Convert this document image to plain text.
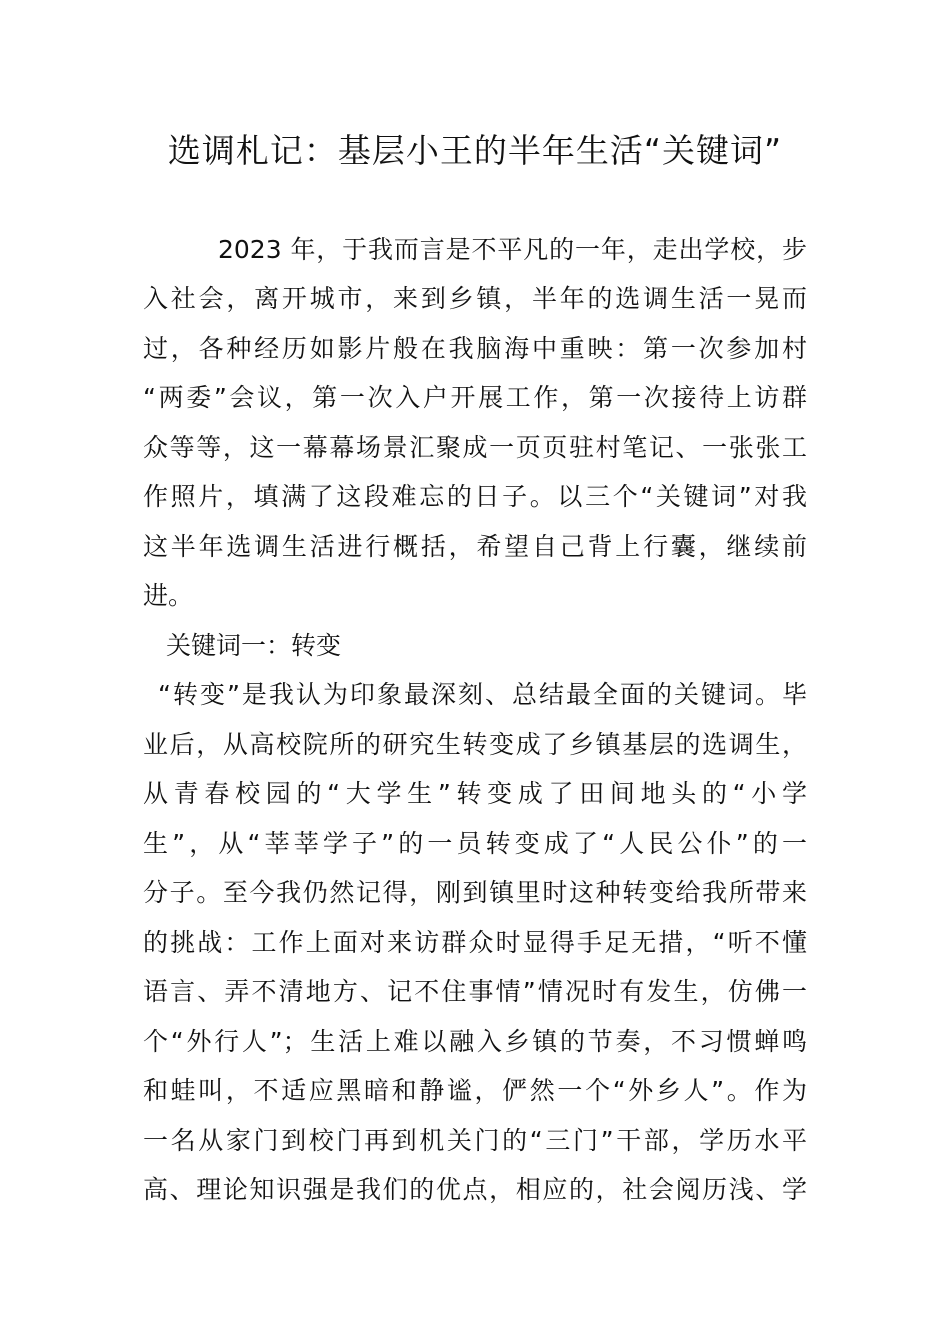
选调札记：基层小王的半年生活“关键词”

2023 年，于我而言是不平凡的一年，走出学校，步

入社会，离开城市，来到乡镇，半年的选调生活一晃而

过，各种经历如影片般在我脑海中重映：第一次参加村

“两委”会议，第一次入户开展工作，第一次接待上访群

众等等，这一幕幕场景汇聚成一页页驻村笔记、一张张工

作照片，填满了这段难忘的日子。以三个“关键词”对我

这半年选调生活进行概括，希望自己背上行囊，继续前

进。

关键词一：转变

“转变”是我认为印象最深刻、总结最全面的关键词。毕

业后，从高校院所的研究生转变成了乡镇基层的选调生，

从青春校园的“大学生”转变成了田间地头的“小学

生”，从“莘莘学子”的一员转变成了“人民公仆”的一

分子。至今我仍然记得，刚到镇里时这种转变给我所带来

的挑战：工作上面对来访群众时显得手足无措，“听不懂

语言、弄不清地方、记不住事情”情况时有发生，仿佛一

个“外行人”；生活上难以融入乡镇的节奏，不习惯蝉鸣

和蛙叫，不适应黑暗和静谧，俨然一个“外乡人”。作为

一名从家门到校门再到机关门的“三门”干部，学历水平

高、理论知识强是我们的优点，相应的，社会阅历浅、学
